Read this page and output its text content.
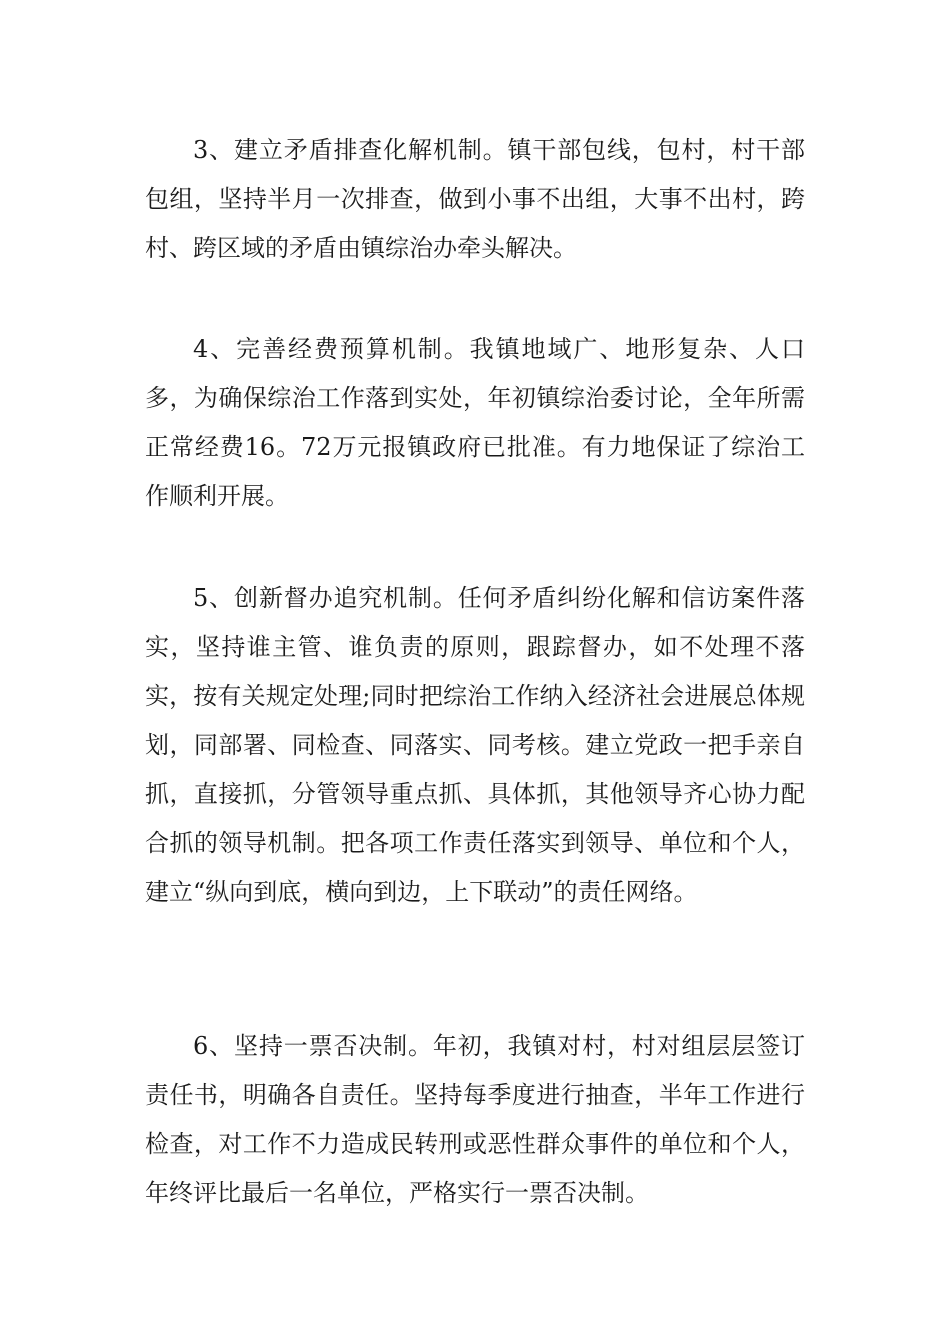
3、建立矛盾排查化解机制。镇干部包线，包村，村干部包组，坚持半月一次排查，做到小事不出组，大事不出村，跨村、跨区域的矛盾由镇综治办牵头解决。

4、完善经费预算机制。我镇地域广、地形复杂、人口多，为确保综治工作落到实处，年初镇综治委讨论，全年所需正常经费16。72万元报镇政府已批准。有力地保证了综治工作顺利开展。

5、创新督办追究机制。任何矛盾纠纷化解和信访案件落实，坚持谁主管、谁负责的原则，跟踪督办，如不处理不落实，按有关规定处理;同时把综治工作纳入经济社会进展总体规划，同部署、同检查、同落实、同考核。建立党政一把手亲自抓，直接抓，分管领导重点抓、具体抓，其他领导齐心协力配合抓的领导机制。把各项工作责任落实到领导、单位和个人，建立“纵向到底，横向到边，上下联动”的责任网络。

6、坚持一票否决制。年初，我镇对村，村对组层层签订责任书，明确各自责任。坚持每季度进行抽查，半年工作进行检查，对工作不力造成民转刑或恶性群众事件的单位和个人，年终评比最后一名单位，严格实行一票否决制。
